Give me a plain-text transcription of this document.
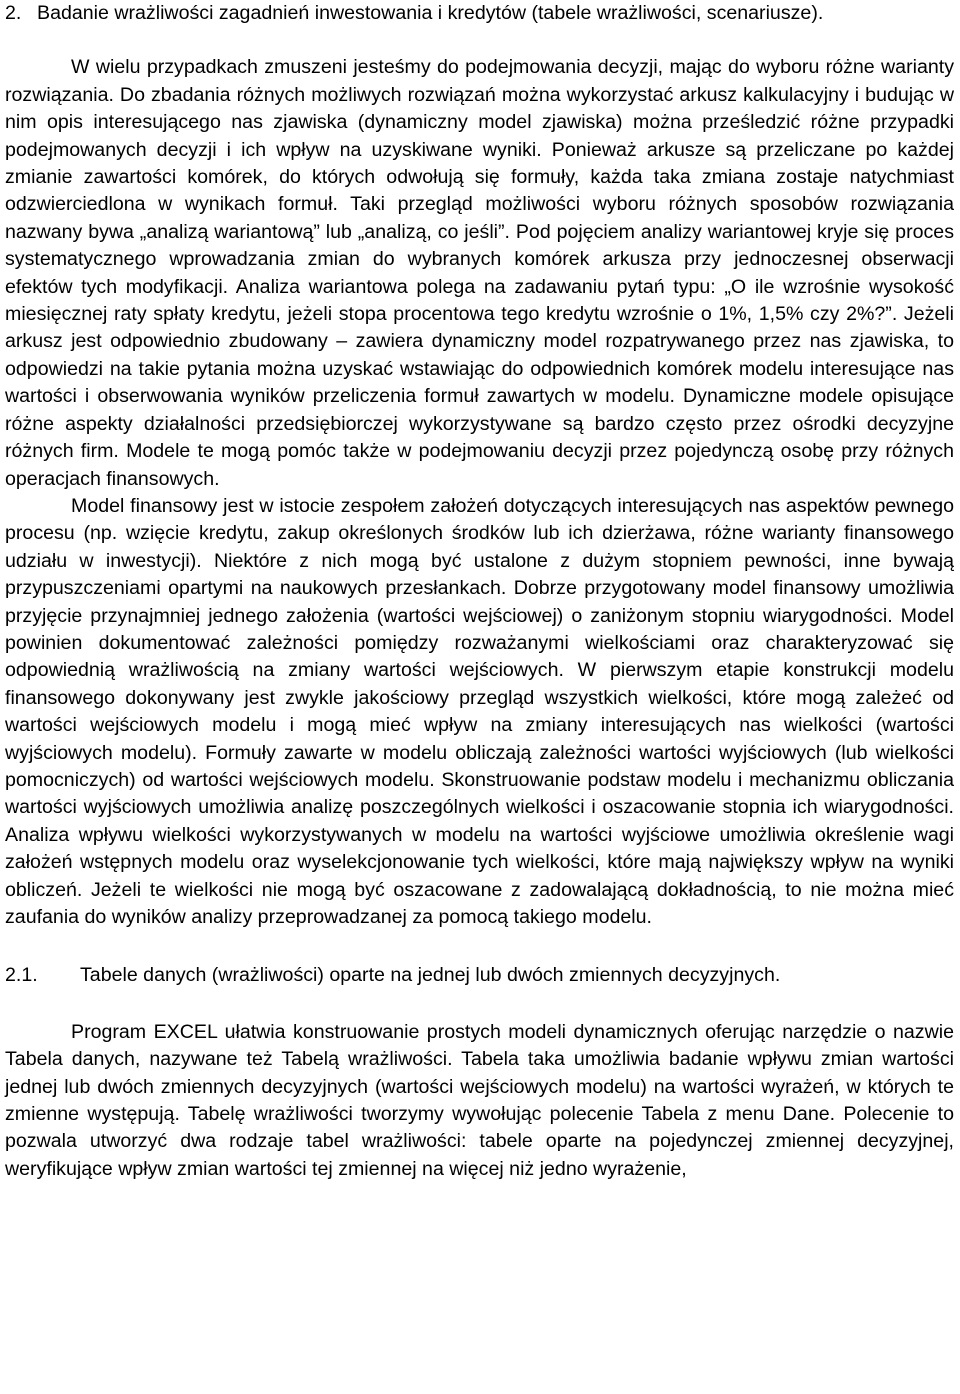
2. Badanie wrażliwości zagadnień inwestowania i kredytów (tabele wrażliwości, scenariusze).

W wielu przypadkach zmuszeni jesteśmy do podejmowania decyzji, mając do wyboru różne warianty rozwiązania. Do zbadania różnych możliwych rozwiązań można wykorzystać arkusz kalkulacyjny i budując w nim opis interesującego nas zjawiska (dynamiczny model zjawiska) można prześledzić różne przypadki podejmowanych decyzji i ich wpływ na uzyskiwane wyniki. Ponieważ arkusze są przeliczane po każdej zmianie zawartości komórek, do których odwołują się formuły, każda taka zmiana zostaje natychmiast odzwierciedlona w wynikach formuł. Taki przegląd możliwości wyboru różnych sposobów rozwiązania nazwany bywa „analizą wariantową” lub „analizą, co jeśli”. Pod pojęciem analizy wariantowej kryje się proces systematycznego wprowadzania zmian do wybranych komórek arkusza przy jednoczesnej obserwacji efektów tych modyfikacji. Analiza wariantowa polega na zadawaniu pytań typu: „O ile wzrośnie wysokość miesięcznej raty spłaty kredytu, jeżeli stopa procentowa tego kredytu wzrośnie o 1%, 1,5% czy 2%?”. Jeżeli arkusz jest odpowiednio zbudowany – zawiera dynamiczny model rozpatrywanego przez nas zjawiska, to odpowiedzi na takie pytania można uzyskać wstawiając do odpowiednich komórek modelu interesujące nas wartości i obserwowania wyników przeliczenia formuł zawartych w modelu. Dynamiczne modele opisujące różne aspekty działalności przedsiębiorczej wykorzystywane są bardzo często przez ośrodki decyzyjne różnych firm. Modele te mogą pomóc także w podejmowaniu decyzji przez pojedynczą osobę przy różnych operacjach finansowych.

Model finansowy jest w istocie zespołem założeń dotyczących interesujących nas aspektów pewnego procesu (np. wzięcie kredytu, zakup określonych środków lub ich dzierżawa, różne warianty finansowego udziału w inwestycji). Niektóre z nich mogą być ustalone z dużym stopniem pewności, inne bywają przypuszczeniami opartymi na naukowych przesłankach. Dobrze przygotowany model finansowy umożliwia przyjęcie przynajmniej jednego założenia (wartości wejściowej) o zaniżonym stopniu wiarygodności. Model powinien dokumentować zależności pomiędzy rozważanymi wielkościami oraz charakteryzować się odpowiednią wrażliwością na zmiany wartości wejściowych. W pierwszym etapie konstrukcji modelu finansowego dokonywany jest zwykle jakościowy przegląd wszystkich wielkości, które mogą zależeć od wartości wejściowych modelu i mogą mieć wpływ na zmiany interesujących nas wielkości (wartości wyjściowych modelu). Formuły zawarte w modelu obliczają zależności wartości wyjściowych (lub wielkości pomocniczych) od wartości wejściowych modelu. Skonstruowanie podstaw modelu i mechanizmu obliczania wartości wyjściowych umożliwia analizę poszczególnych wielkości i oszacowanie stopnia ich wiarygodności. Analiza wpływu wielkości wykorzystywanych w modelu na wartości wyjściowe umożliwia określenie wagi założeń wstępnych modelu oraz wyselekcjonowanie tych wielkości, które mają największy wpływ na wyniki obliczeń. Jeżeli te wielkości nie mogą być oszacowane z zadowalającą dokładnością, to nie można mieć zaufania do wyników analizy przeprowadzanej za pomocą takiego modelu.

2.1.	Tabele danych (wrażliwości) oparte na jednej lub dwóch zmiennych decyzyjnych.

Program EXCEL ułatwia konstruowanie prostych modeli dynamicznych oferując narzędzie o nazwie Tabela danych, nazywane też Tabelą wrażliwości. Tabela taka umożliwia badanie wpływu zmian wartości jednej lub dwóch zmiennych decyzyjnych (wartości wejściowych modelu) na wartości wyrażeń, w których te zmienne występują. Tabelę wrażliwości tworzymy wywołując polecenie Tabela z menu Dane. Polecenie to pozwala utworzyć dwa rodzaje tabel wrażliwości: tabele oparte na pojedynczej zmiennej decyzyjnej, weryfikujące wpływ zmian wartości tej zmiennej na więcej niż jedno wyrażenie,
